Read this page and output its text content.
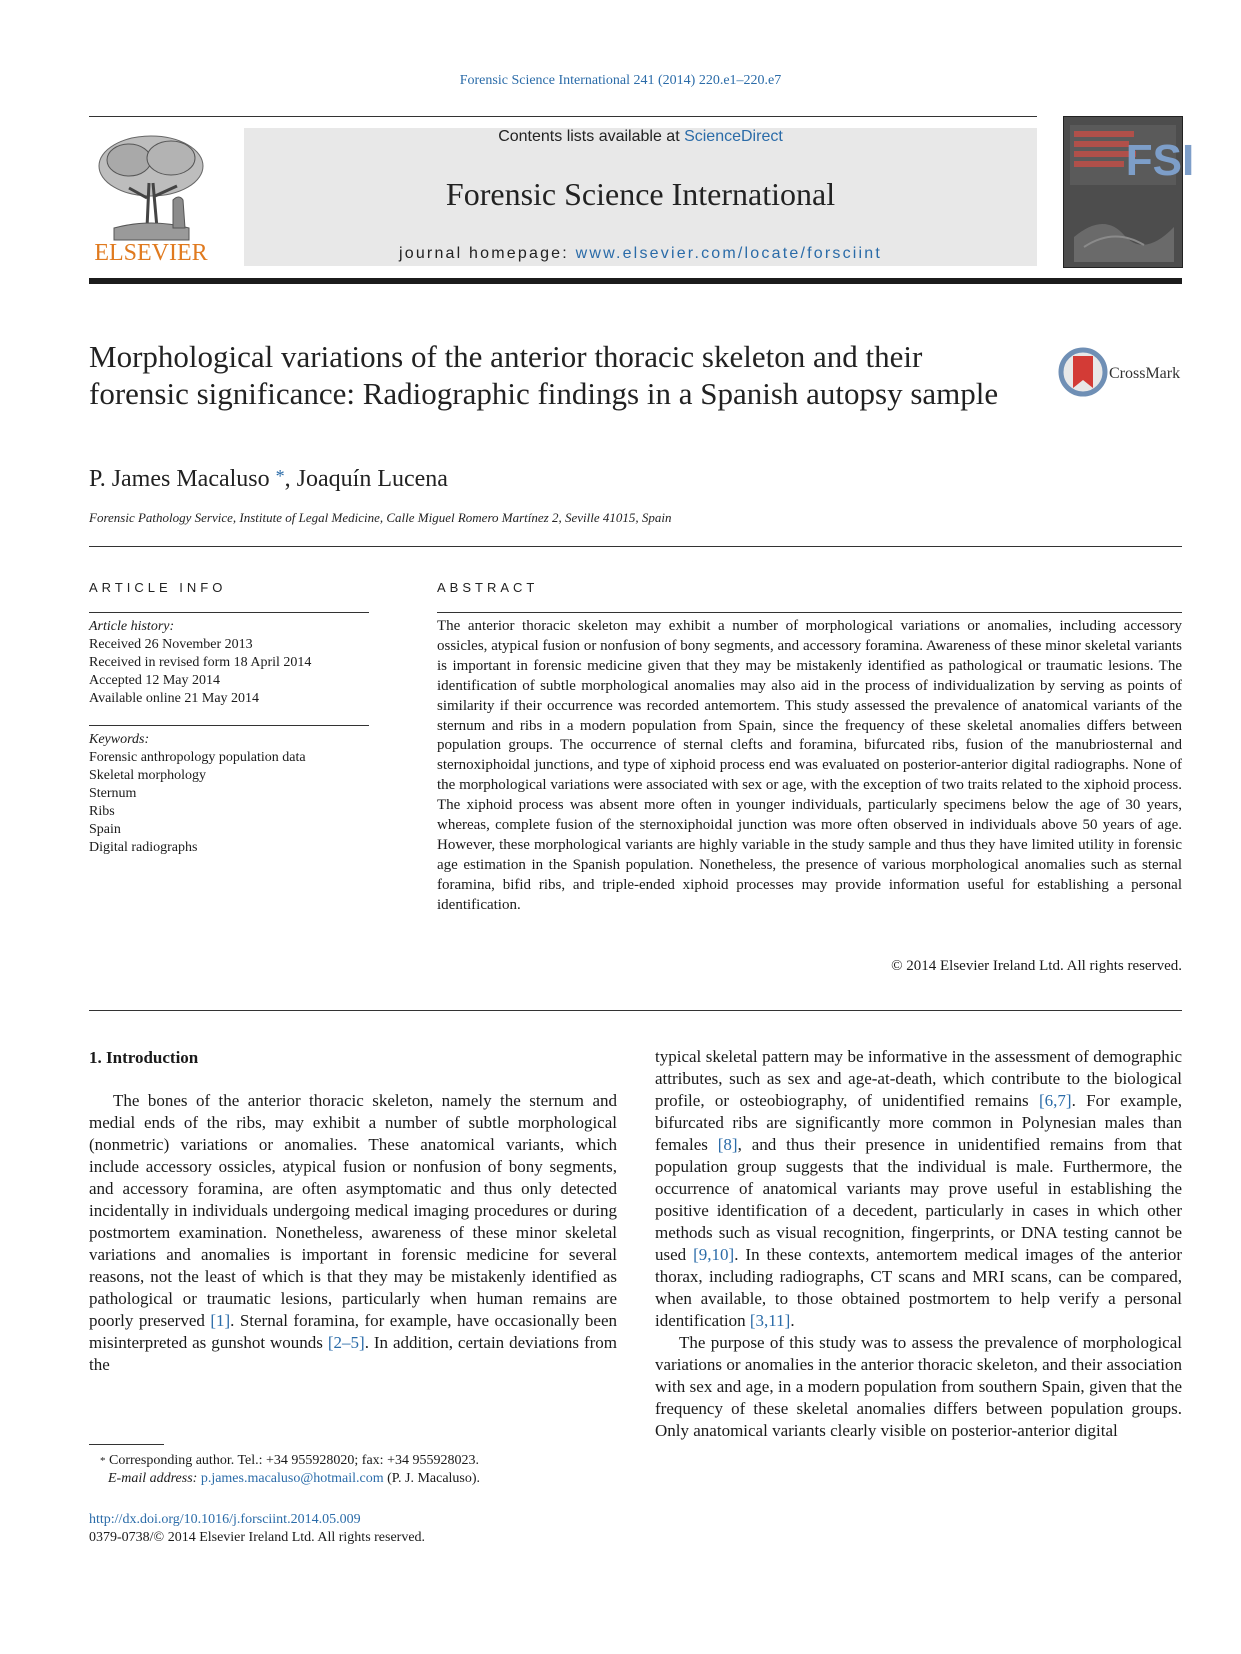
Forensic Science International 241 (2014) 220.e1–220.e7
ELSEVIER
Contents lists available at ScienceDirect
Forensic Science International
journal homepage: www.elsevier.com/locate/forsciint
FSI
Morphological variations of the anterior thoracic skeleton and their forensic significance: Radiographic findings in a Spanish autopsy sample
CrossMark
P. James Macaluso *, Joaquín Lucena
Forensic Pathology Service, Institute of Legal Medicine, Calle Miguel Romero Martínez 2, Seville 41015, Spain
ARTICLE INFO
Article history:
Received 26 November 2013
Received in revised form 18 April 2014
Accepted 12 May 2014
Available online 21 May 2014
Keywords:
Forensic anthropology population data
Skeletal morphology
Sternum
Ribs
Spain
Digital radiographs
ABSTRACT

The anterior thoracic skeleton may exhibit a number of morphological variations or anomalies, including accessory ossicles, atypical fusion or nonfusion of bony segments, and accessory foramina. Awareness of these minor skeletal variants is important in forensic medicine given that they may be mistakenly identified as pathological or traumatic lesions. The identification of subtle morphological anomalies may also aid in the process of individualization by serving as points of similarity if their occurrence was recorded antemortem. This study assessed the prevalence of anatomical variants of the sternum and ribs in a modern population from Spain, since the frequency of these skeletal anomalies differs between population groups. The occurrence of sternal clefts and foramina, bifurcated ribs, fusion of the manubriosternal and sternoxiphoidal junctions, and type of xiphoid process end was evaluated on posterior-anterior digital radiographs. None of the morphological variations were associated with sex or age, with the exception of two traits related to the xiphoid process. The xiphoid process was absent more often in younger individuals, particularly specimens below the age of 30 years, whereas, complete fusion of the sternoxiphoidal junction was more often observed in individuals above 50 years of age. However, these morphological variants are highly variable in the study sample and thus they have limited utility in forensic age estimation in the Spanish population. Nonetheless, the presence of various morphological anomalies such as sternal foramina, bifid ribs, and triple-ended xiphoid processes may provide information useful for establishing a personal identification.

© 2014 Elsevier Ireland Ltd. All rights reserved.
1. Introduction

The bones of the anterior thoracic skeleton, namely the sternum and medial ends of the ribs, may exhibit a number of subtle morphological (nonmetric) variations or anomalies. These anatomical variants, which include accessory ossicles, atypical fusion or nonfusion of bony segments, and accessory foramina, are often asymptomatic and thus only detected incidentally in individuals undergoing medical imaging procedures or during postmortem examination. Nonetheless, awareness of these minor skeletal variations and anomalies is important in forensic medicine for several reasons, not the least of which is that they may be mistakenly identified as pathological or traumatic lesions, particularly when human remains are poorly preserved [1]. Sternal foramina, for example, have occasionally been misinterpreted as gunshot wounds [2–5]. In addition, certain deviations from the

typical skeletal pattern may be informative in the assessment of demographic attributes, such as sex and age-at-death, which contribute to the biological profile, or osteobiography, of unidentified remains [6,7]. For example, bifurcated ribs are significantly more common in Polynesian males than females [8], and thus their presence in unidentified remains from that population group suggests that the individual is male. Furthermore, the occurrence of anatomical variants may prove useful in establishing the positive identification of a decedent, particularly in cases in which other methods such as visual recognition, fingerprints, or DNA testing cannot be used [9,10]. In these contexts, antemortem medical images of the anterior thorax, including radiographs, CT scans and MRI scans, can be compared, when available, to those obtained postmortem to help verify a personal identification [3,11].

The purpose of this study was to assess the prevalence of morphological variations or anomalies in the anterior thoracic skeleton, and their association with sex and age, in a modern population from southern Spain, given that the frequency of these skeletal anomalies differs between population groups. Only anatomical variants clearly visible on posterior-anterior digital

* Corresponding author. Tel.: +34 955928020; fax: +34 955928023.
E-mail address: p.james.macaluso@hotmail.com (P. J. Macaluso).
http://dx.doi.org/10.1016/j.forsciint.2014.05.009
0379-0738/© 2014 Elsevier Ireland Ltd. All rights reserved.
